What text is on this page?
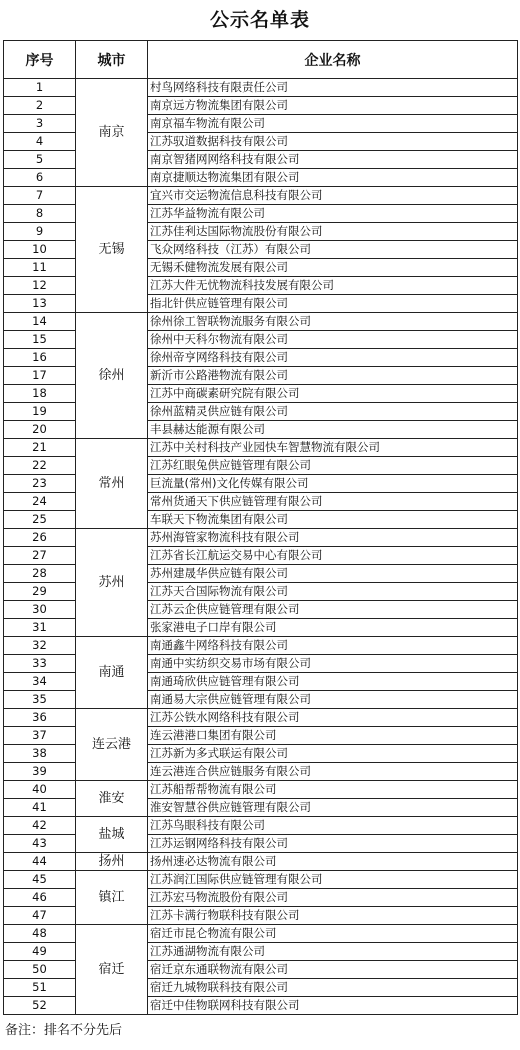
公示名单表
序号	城市	企业名称
1	南京	村鸟网络科技有限责任公司
2		南京远方物流集团有限公司
3		南京福车物流有限公司
4		江苏驭道数据科技有限公司
5		南京智猪网网络科技有限公司
6		南京捷顺达物流集团有限公司
7	无锡	宜兴市交运物流信息科技有限公司
8		江苏华益物流有限公司
9		江苏佳利达国际物流股份有限公司
10		飞众网络科技（江苏）有限公司
11		无锡禾健物流发展有限公司
12		江苏大件无忧物流科技发展有限公司
13		指北针供应链管理有限公司
14	徐州	徐州徐工智联物流服务有限公司
15		徐州中天科尔物流有限公司
16		徐州帝亨网络科技有限公司
17		新沂市公路港物流有限公司
18		江苏中商碳素研究院有限公司
19		徐州蓝精灵供应链有限公司
20		丰县赫达能源有限公司
21	常州	江苏中关村科技产业园快车智慧物流有限公司
22		江苏红眼兔供应链管理有限公司
23		巨流量(常州)文化传媒有限公司
24		常州货通天下供应链管理有限公司
25		车联天下物流集团有限公司
26	苏州	苏州海管家物流科技有限公司
27		江苏省长江航运交易中心有限公司
28		苏州建晟华供应链有限公司
29		江苏天合国际物流有限公司
30		江苏云企供应链管理有限公司
31		张家港电子口岸有限公司
32	南通	南通鑫牛网络科技有限公司
33		南通中实纺织交易市场有限公司
34		南通琦欣供应链管理有限公司
35		南通易大宗供应链管理有限公司
36	连云港	江苏公铁水网络科技有限公司
37		连云港港口集团有限公司
38		江苏新为多式联运有限公司
39		连云港连合供应链服务有限公司
40	淮安	江苏船帮帮物流有限公司
41		淮安智慧谷供应链管理有限公司
42	盐城	江苏鸟眼科技有限公司
43		江苏运钢网络科技有限公司
44	扬州	扬州速必达物流有限公司
45	镇江	江苏润江国际供应链管理有限公司
46		江苏宏马物流股份有限公司
47		江苏卡满行物联科技有限公司
48	宿迁	宿迁市昆仑物流有限公司
49		江苏通湖物流有限公司
50		宿迁京东通联物流有限公司
51		宿迁九城物联科技有限公司
52		宿迁中佳物联网科技有限公司
备注：排名不分先后
